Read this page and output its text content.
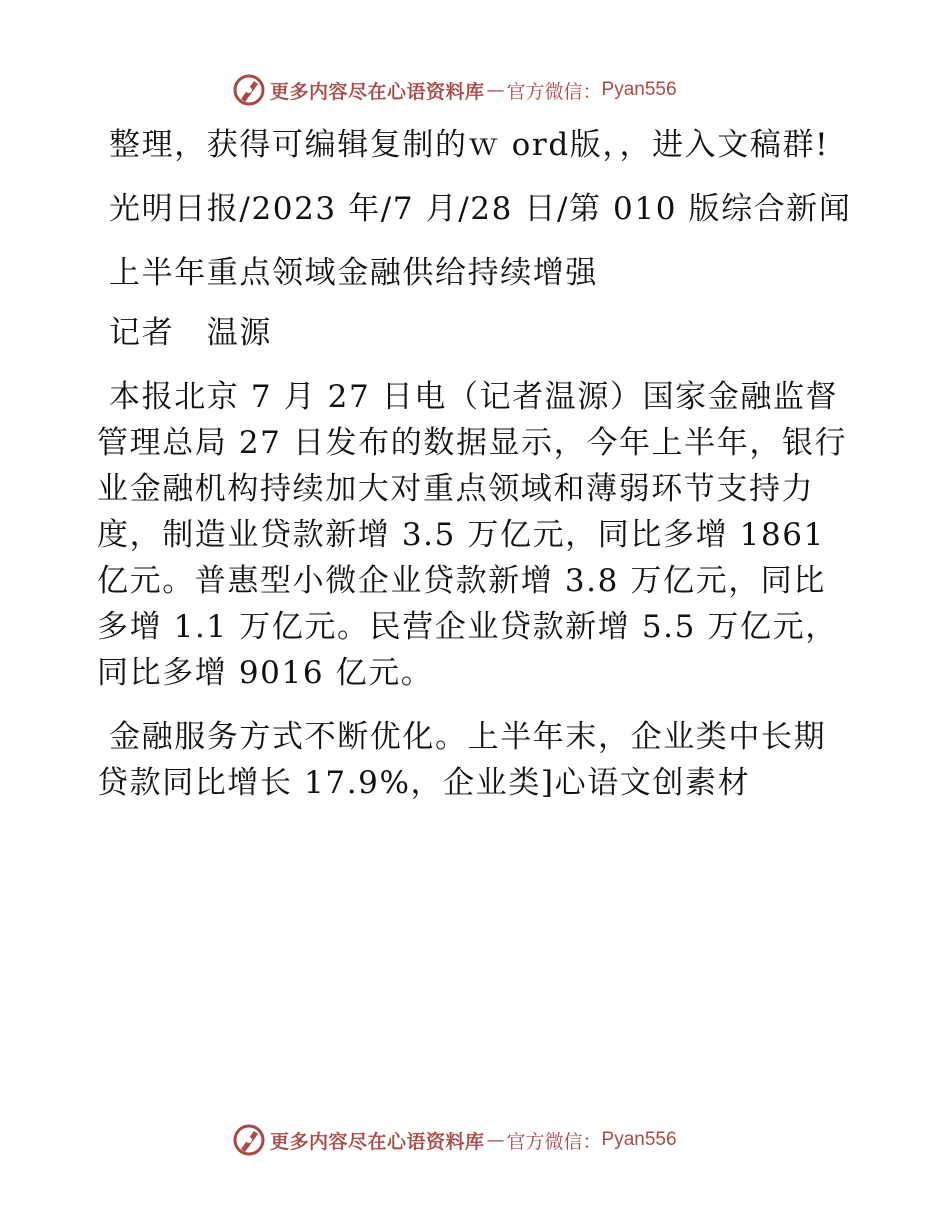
更多内容尽在心语资料库 — 官方微信： Pyan556

整理，获得可编辑复制的ｗ ord版，，进入文稿群!

光明日报/2023 年/7 月/28 日/第 010 版综合新闻

上半年重点领域金融供给持续增强

记者　温源

本报北京 7 月 27 日电（记者温源）国家金融监督管理总局 27 日发布的数据显示，今年上半年，银行业金融机构持续加大对重点领域和薄弱环节支持力度，制造业贷款新增 3.5 万亿元，同比多增 1861 亿元。普惠型小微企业贷款新增 3.8 万亿元，同比多增 1.1 万亿元。民营企业贷款新增 5.5 万亿元，同比多增 9016 亿元。

金融服务方式不断优化。上半年末，企业类中长期贷款同比增长 17.9%，企业类]心语文创素材

更多内容尽在心语资料库 — 官方微信： Pyan556
